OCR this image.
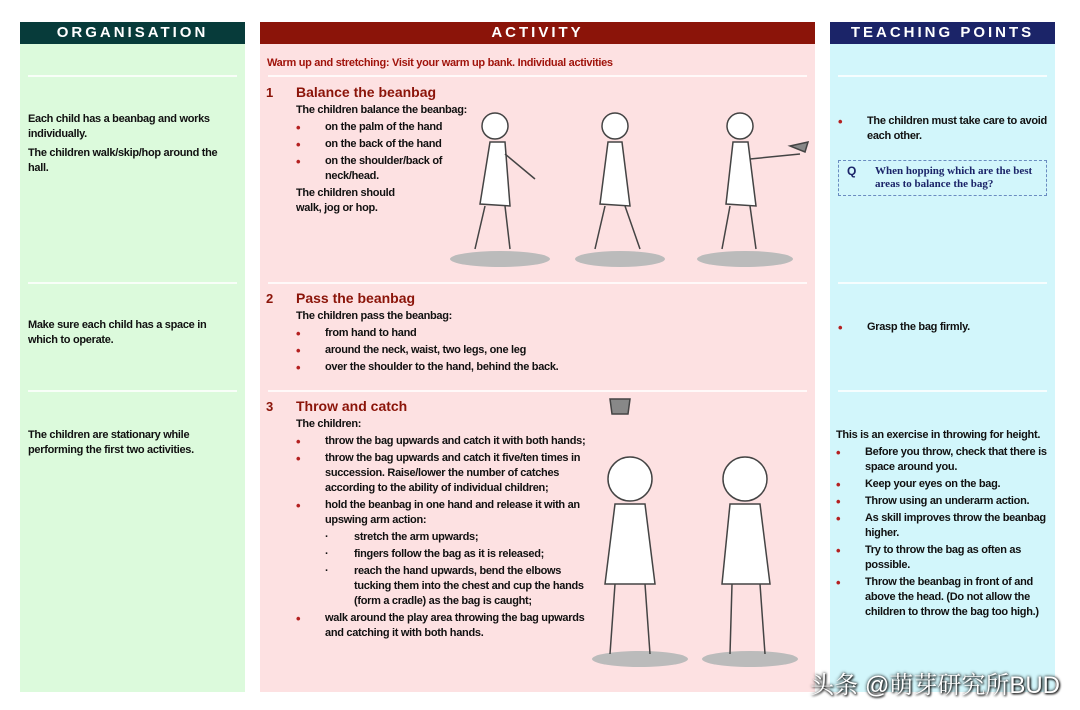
ORGANISATION

Each child has a beanbag and works individually.

The children walk/skip/hop around the hall.

Make sure each child has a space in which to operate.

The children are stationary while performing the first two activities.

ACTIVITY
Warm up and stretching: Visit your warm up bank. Individual activities
1 Balance the beanbag
The children balance the beanbag:
• on the palm of the hand
• on the back of the hand
• on the shoulder/back of neck/head.
The children should walk, jog or hop.
2 Pass the beanbag
The children pass the beanbag:
• from hand to hand
• around the neck, waist, two legs, one leg
• over the shoulder to the hand, behind the back.
3 Throw and catch
The children:
• throw the bag upwards and catch it with both hands;
• throw the bag upwards and catch it five/ten times in succession. Raise/lower the number of catches according to the ability of individual children;
• hold the beanbag in one hand and release it with an upswing arm action:
· stretch the arm upwards;
· fingers follow the bag as it is released;
· reach the hand upwards, bend the elbows tucking them into the chest and cup the hands (form a cradle) as the bag is caught;
• walk around the play area throwing the bag upwards and catching it with both hands.
TEACHING POINTS
• The children must take care to avoid each other.
Q When hopping which are the best areas to balance the bag?
• Grasp the bag firmly.
This is an exercise in throwing for height.
• Before you throw, check that there is space around you.
• Keep your eyes on the bag.
• Throw using an underarm action.
• As skill improves throw the beanbag higher.
• Try to throw the bag as often as possible.
• Throw the beanbag in front of and above the head. (Do not allow the children to throw the bag too high.)
头条 @萌芽研究所BUD
